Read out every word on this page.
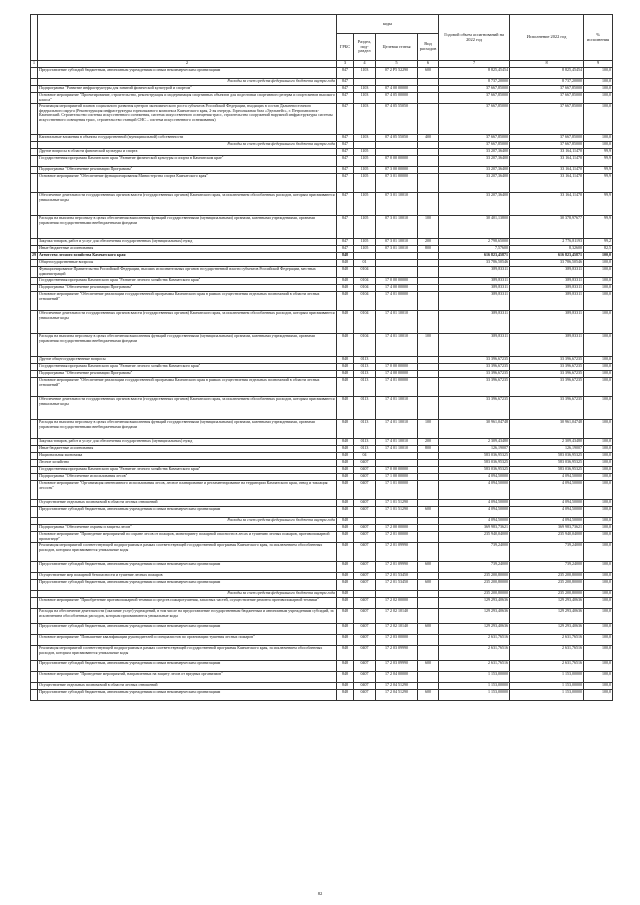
		коды				Годовой объем ассигнований на 2022 год	Исполнение 2022 год	% исполнения
		ГРБС	Раздел, под-раздел	Целевая статья	Вид расходов			
1	2	3	4	5	6	7	8	9
	Предоставление субсидий бюджетным, автономным учреждениям и иным некоммерческим организациям	847	1103	07 2 P5 52290	600	8 825,45454	8 825,45454	100,0
	Расходы за счет средств федерального бюджета внутри года	847				8 737,20000	8 737,20000	100,0
	Подпрограмма "Развитие инфраструктуры для занятий физической культурой и спортом"	847	1103	07 4 00 00000		37 667,85000	37 667,85000	100,0
	Основное мероприятие "Проектирование, строительство, реконструкция и модернизация спортивных объектов для подготовки спортивного резерва и спортсменов высокого класса"	847	1103	07 4 05 00000		37 667,85000	37 667,85000	100,0
	Реализация мероприятий планов социального развития центров экономического роста субъектов Российской Федерации, входящих в состав Дальневосточного федерального округа (Реконструкция инфраструктуры горнолыжного комплекса Камчатского края, 2-ая очередь. Горнолыжная база «Эдельвейс», г. Петропавловск-Камчатский. Строительство системы искусственного оснежения, система искусственного освещения трасс, строительство сооружений наружной инфраструктуры системы искусственного освещения трасс, строительство станций СНС – система искусственного оснеживания)	847	1103	07 4 05 55050		37 667,85000	37 667,85000	100,0
	Капитальные вложения в объекты государственной (муниципальной) собственности	847	1103	07 4 05 55050	400	37 667,85000	37 667,85000	100,0
	Расходы за счет средств федерального бюджета внутри года	847				37 667,85000	37 667,85000	100,0
	Другие вопросы в области физической культуры и спорта	847	1105			33 207,36400	33 164,11470	99,9
	Государственная программа Камчатского края "Развитие физической культуры и спорта в Камчатском крае"	847	1105	07 0 00 00000		33 207,36400	33 164,11470	99,9
	Подпрограмма "Обеспечение реализации Программы"	847	1105	07 3 00 00000		33 207,36400	33 164,11470	99,9
	Основное мероприятие "Обеспечение функционирования Министерства спорта Камчатского края"	847	1105	07 3 01 00000		33 207,36400	33 164,11470	99,9
	Обеспечение деятельности государственных органов власти (государственных органов) Камчатского края, за исключением обособленных расходов, которым присваиваются уникальные коды	847	1105	07 3 01 10010		33 207,36400	33 164,11470	99,9
	Расходы на выплаты персоналу в целях обеспечения выполнения функций государственными (муниципальными) органами, казенными учреждениями, органами управления государственными внебюджетными фондами	847	1105	07 3 01 10010	100	30 401,13800	30 378,97677	99,9
	Закупка товаров, работ и услуг для обеспечения государственных (муниципальных) нужд	847	1105	07 3 01 10010	200	2 798,65000	2 776,81193	99,2
	Иные бюджетные ассигнования	847	1105	07 3 01 10010	800	7,57600	8,32600	82,5
29	Агентство лесного хозяйства Камчатского края	848				616 823,45871	616 823,45871	100,0
	Общегосударственные вопросы	848	01			33 786,50546	33 786,50546	100,0
	Функционирование Правительства Российской Федерации, высших исполнительных органов государственной власти субъектов Российской Федерации, местных администраций	848	0104			389,83311	389,83311	100,0
	Государственная программа Камчатского края "Развитие лесного хозяйства Камчатского края"	848	0104	17 0 00 00000		389,83311	389,83311	100,0
	Подпрограмма "Обеспечение реализации Программы"	848	0104	17 4 00 00000		389,83311	389,83311	100,0
	Основное мероприятие "Обеспечение реализации государственной программы Камчатского края в рамках осуществления отдельных полномочий в области лесных отношений"	848	0104	17 4 01 00000		389,83311	389,83311	100,0
	Обеспечение деятельности государственных органов власти (государственных органов) Камчатского края, за исключением обособленных расходов, которым присваиваются уникальные коды	848	0104	17 4 01 10010		389,83311	389,83311	100,0
	Расходы на выплаты персоналу в целях обеспечения выполнения функций государственными (муниципальными) органами, казенными учреждениями, органами управления государственными внебюджетными фондами	848	0104	17 4 01 10010	100	389,83311	389,83311	100,0
	Другие общегосударственные вопросы	848	0113			33 396,67235	33 396,67235	100,0
	Государственная программа Камчатского края "Развитие лесного хозяйства Камчатского края"	848	0113	17 0 00 00000		33 396,67235	33 396,67235	100,0
	Подпрограмма "Обеспечение реализации Программы"	848	0113	17 4 00 00000		33 396,67235	33 396,67235	100,0
	Основное мероприятие "Обеспечение реализации государственной программы Камчатского края в рамках осуществления отдельных полномочий в области лесных отношений"	848	0113	17 4 01 00000		33 396,67235	33 396,67235	100,0
	Обеспечение деятельности государственных органов власти (государственных органов) Камчатского края, за исключением обособленных расходов, которым присваиваются уникальные коды	848	0113	17 4 01 10010		33 396,67235	33 396,67235	100,0
	Расходы на выплаты персоналу в целях обеспечения выполнения функций государственными (муниципальными) органами, казенными учреждениями, органами управления государственными внебюджетными фондами	848	0113	17 4 01 10010	100	30 961,04748	30 961,04748	100,0
	Закупка товаров, работ и услуг для обеспечения государственных (муниципальных) нужд	848	0113	17 4 01 10010	200	2 309,43480	2 309,43480	100,0
	Иные бюджетные ассигнования	848	0113	17 4 01 10010	800	126,19007	126,19007	100,0
	Национальная экономика	848	04			583 036,95325	583 036,95325	100,0
	Лесное хозяйство	848	0407			583 036,95325	583 036,95325	100,0
	Государственная программа Камчатского края "Развитие лесного хозяйства Камчатского края"	848	0407	17 0 00 00000		583 036,95325	583 036,95325	100,0
	Подпрограмма "Обеспечение использования лесов"	848	0407	17 1 00 00000		4 094,50000	4 094,50000	100,0
	Основное мероприятие "Организация интенсивного использования лесов, лесное планирование и регламентирование на территории Камчатского края, отвод и таксация лесосек"	848	0407	17 1 01 00000		4 094,50000	4 094,50000	100,0
	Осуществление отдельных полномочий в области лесных отношений	848	0407	17 1 01 51290		4 094,50000	4 094,50000	100,0
	Предоставление субсидий бюджетным, автономным учреждениям и иным некоммерческим организациям	848	0407	17 1 01 51290	600	4 094,50000	4 094,50000	100,0
	Расходы за счет средств федерального бюджета внутри года	848				4 094,50000	4 094,50000	100,0
	Подпрограмма "Обеспечение охраны и защиты лесов"	848	0407	17 2 00 00000		369 983,73621	369 983,73621	100,0
	Основное мероприятие "Проведение мероприятий по охране лесов от пожаров, мониторингу пожарной опасности в лесах и тушению лесных пожаров, противопожарной пропаганде"	848	0407	17 2 01 00000		235 940,04000	235 940,04000	100,0
	Реализация мероприятий соответствующей подпрограммы в рамках соответствующей государственной программы Камчатского края, за исключением обособленных расходов, которым присваиваются уникальные коды	848	0407	17 2 01 09990		739,24000	739,24000	100,0
	Предоставление субсидий бюджетным, автономным учреждениям и иным некоммерческим организациям	848	0407	17 2 01 09990	600	739,24000	739,24000	100,0
	Осуществление мер пожарной безопасности и тушение лесных пожаров	848	0407	17 2 01 53450		235 200,80000	235 200,80000	100,0
	Предоставление субсидий бюджетным, автономным учреждениям и иным некоммерческим организациям	848	0407	17 2 01 53450	600	235 200,80000	235 200,80000	100,0
	Расходы за счет средств федерального бюджета внутри года	848				235 200,80000	235 200,80000	100,0
	Основное мероприятие "Приобретение противопожарной техники и средств пожаротушения, запасных частей, осуществление ремонта противопожарной техники"	848	0407	17 2 02 00000		129 293,40636	129 293,40636	100,0
	Расходы на обеспечение деятельности (оказание услуг) учреждений, в том числе на предоставление государственным бюджетным и автономным учреждениям субсидий, за исключением обособленных расходов, которым присваиваются уникальные коды	848	0407	17 2 02 10140		129 293,40636	129 293,40636	100,0
	Предоставление субсидий бюджетным, автономным учреждениям и иным некоммерческим организациям	848	0407	17 2 02 10140	600	129 293,40636	129 293,40636	100,0
	Основное мероприятие "Повышение квалификации руководителей и специалистов по организации тушения лесных пожаров"	848	0407	17 2 03 00000		2 631,76516	2 631,76516	100,0
	Реализация мероприятий соответствующей подпрограммы в рамках соответствующей государственной программы Камчатского края, за исключением обособленных расходов, которым присваиваются уникальные коды	848	0407	17 2 03 09990		2 631,76516	2 631,76516	100,0
	Предоставление субсидий бюджетным, автономным учреждениям и иным некоммерческим организациям	848	0407	17 2 03 09990	600	2 631,76516	2 631,76516	100,0
	Основное мероприятие "Проведение мероприятий, направленных на защиту лесов от вредных организмов"	848	0407	17 2 04 00000		1 153,00000	1 153,00000	100,0
	Осуществление отдельных полномочий в области лесных отношений	848	0407	17 2 04 51290		1 153,00000	1 153,00000	100,0
	Предоставление субсидий бюджетным, автономным учреждениям и иным некоммерческим организациям	848	0407	17 2 04 51290	600	1 153,00000	1 153,00000	100,0
82
